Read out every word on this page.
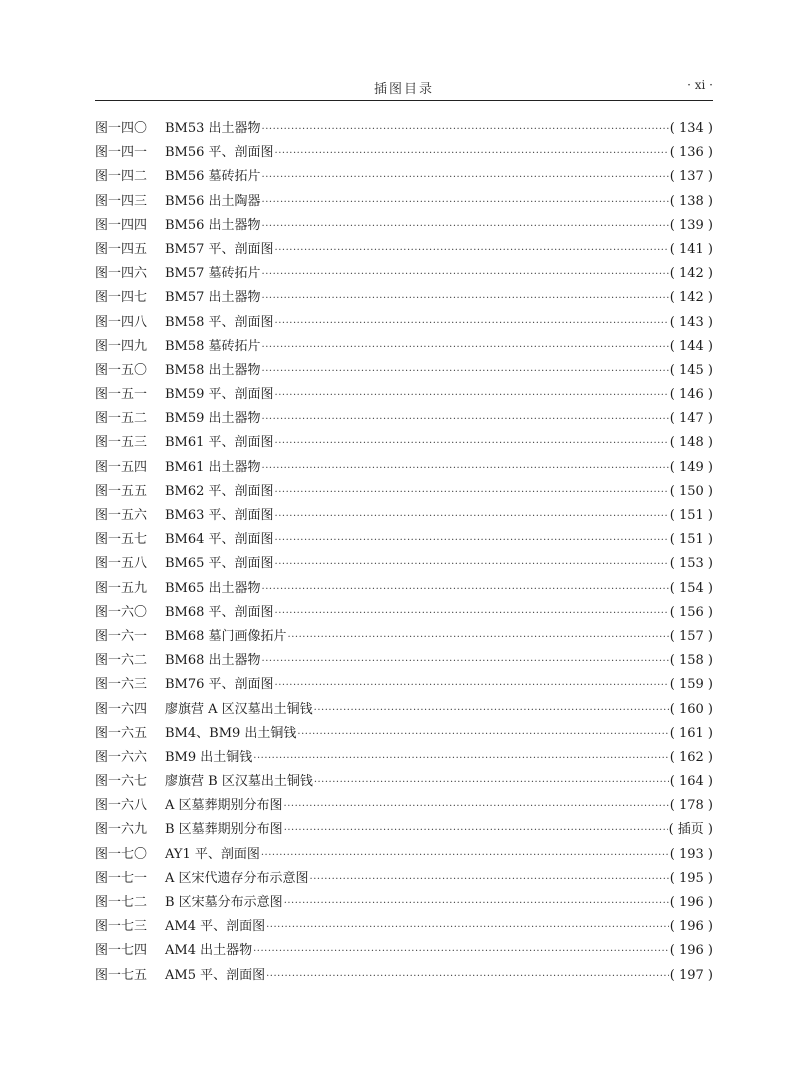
插图目录	· xi ·
图一四〇	BM53 出土器物 ·····	( 134 )
图一四一	BM56 平、剖面图 ·····	( 136 )
图一四二	BM56 墓砖拓片 ·····	( 137 )
图一四三	BM56 出土陶器 ·····	( 138 )
图一四四	BM56 出土器物 ·····	( 139 )
图一四五	BM57 平、剖面图 ·····	( 141 )
图一四六	BM57 墓砖拓片 ·····	( 142 )
图一四七	BM57 出土器物 ·····	( 142 )
图一四八	BM58 平、剖面图 ·····	( 143 )
图一四九	BM58 墓砖拓片 ·····	( 144 )
图一五〇	BM58 出土器物 ·····	( 145 )
图一五一	BM59 平、剖面图 ·····	( 146 )
图一五二	BM59 出土器物 ·····	( 147 )
图一五三	BM61 平、剖面图 ·····	( 148 )
图一五四	BM61 出土器物 ·····	( 149 )
图一五五	BM62 平、剖面图 ·····	( 150 )
图一五六	BM63 平、剖面图 ·····	( 151 )
图一五七	BM64 平、剖面图 ·····	( 151 )
图一五八	BM65 平、剖面图 ·····	( 153 )
图一五九	BM65 出土器物 ·····	( 154 )
图一六〇	BM68 平、剖面图 ·····	( 156 )
图一六一	BM68 墓门画像拓片 ·····	( 157 )
图一六二	BM68 出土器物 ·····	( 158 )
图一六三	BM76 平、剖面图 ·····	( 159 )
图一六四	廖旗营 A 区汉墓出土铜钱 ·····	( 160 )
图一六五	BM4、BM9 出土铜钱 ·····	( 161 )
图一六六	BM9 出土铜钱 ·····	( 162 )
图一六七	廖旗营 B 区汉墓出土铜钱 ·····	( 164 )
图一六八	A 区墓葬期别分布图 ·····	( 178 )
图一六九	B 区墓葬期别分布图 ·····	( 插页 )
图一七〇	AY1 平、剖面图 ·····	( 193 )
图一七一	A 区宋代遗存分布示意图 ·····	( 195 )
图一七二	B 区宋墓分布示意图 ·····	( 196 )
图一七三	AM4 平、剖面图 ·····	( 196 )
图一七四	AM4 出土器物 ·····	( 196 )
图一七五	AM5 平、剖面图 ·····	( 197 )
